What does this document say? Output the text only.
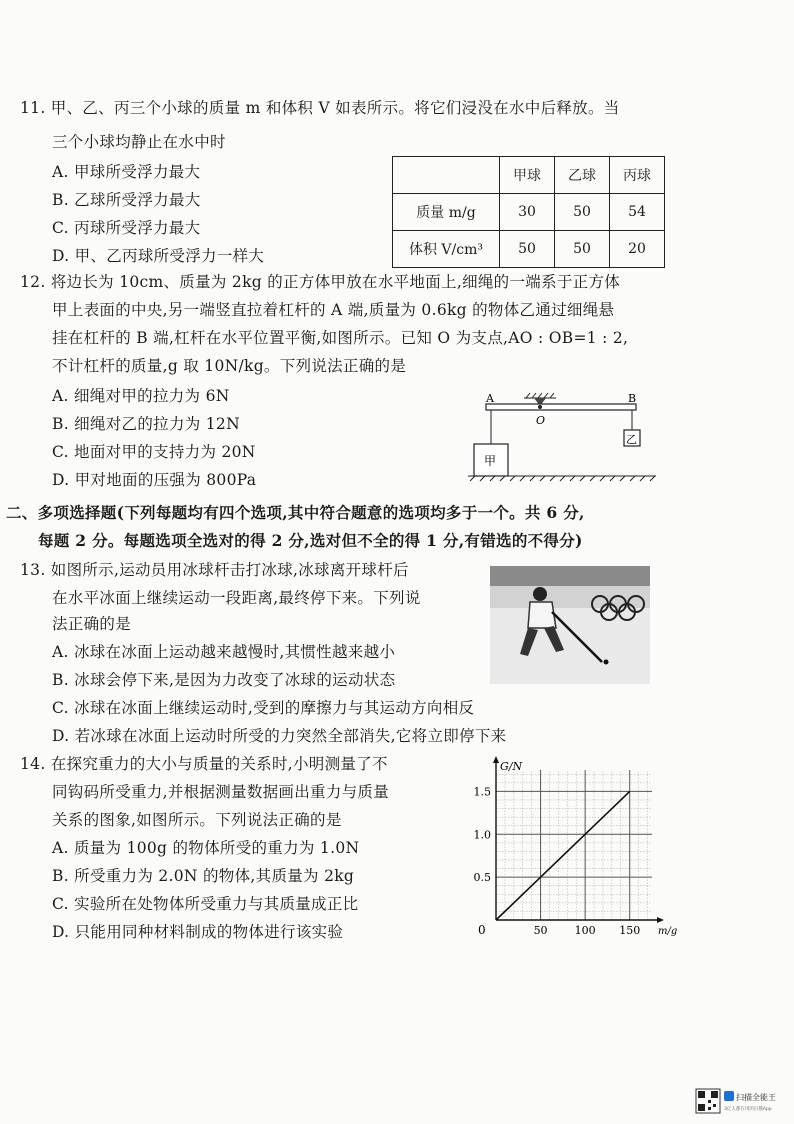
11. 甲、乙、丙三个小球的质量 m 和体积 V 如表所示。将它们浸没在水中后释放。当
三个小球均静止在水中时
A. 甲球所受浮力最大
B. 乙球所受浮力最大
C. 丙球所受浮力最大
D. 甲、乙丙球所受浮力一样大
	甲球	乙球	丙球
质量 m/g	30	50	54
体积 V/cm³	50	50	20
12. 将边长为 10cm、质量为 2kg 的正方体甲放在水平地面上,细绳的一端系于正方体
甲上表面的中央,另一端竖直拉着杠杆的 A 端,质量为 0.6kg 的物体乙通过细绳悬
挂在杠杆的 B 端,杠杆在水平位置平衡,如图所示。已知 O 为支点,AO : OB=1 : 2,
不计杠杆的质量,g 取 10N/kg。下列说法正确的是
A. 细绳对甲的拉力为 6N
B. 细绳对乙的拉力为 12N
C. 地面对甲的支持力为 20N
D. 甲对地面的压强为 800Pa
A	B
O
乙
甲
二、多项选择题(下列每题均有四个选项,其中符合题意的选项均多于一个。共 6 分,
每题 2 分。每题选项全选对的得 2 分,选对但不全的得 1 分,有错选的不得分)
13. 如图所示,运动员用冰球杆击打冰球,冰球离开球杆后
在水平冰面上继续运动一段距离,最终停下来。下列说
法正确的是
A. 冰球在冰面上运动越来越慢时,其惯性越来越小
B. 冰球会停下来,是因为力改变了冰球的运动状态
C. 冰球在冰面上继续运动时,受到的摩擦力与其运动方向相反
D. 若冰球在冰面上运动时所受的力突然全部消失,它将立即停下来
14. 在探究重力的大小与质量的关系时,小明测量了不
同钩码所受重力,并根据测量数据画出重力与质量
关系的图象,如图所示。下列说法正确的是
A. 质量为 100g 的物体所受的重力为 1.0N
B. 所受重力为 2.0N 的物体,其质量为 2kg
C. 实验所在处物体所受重力与其质量成正比
D. 只能用同种材料制成的物体进行该实验	50 100 150
0.5
1.0
1.5
G/N
m/g
0
扫描全能王
3亿人都在用的扫描App
